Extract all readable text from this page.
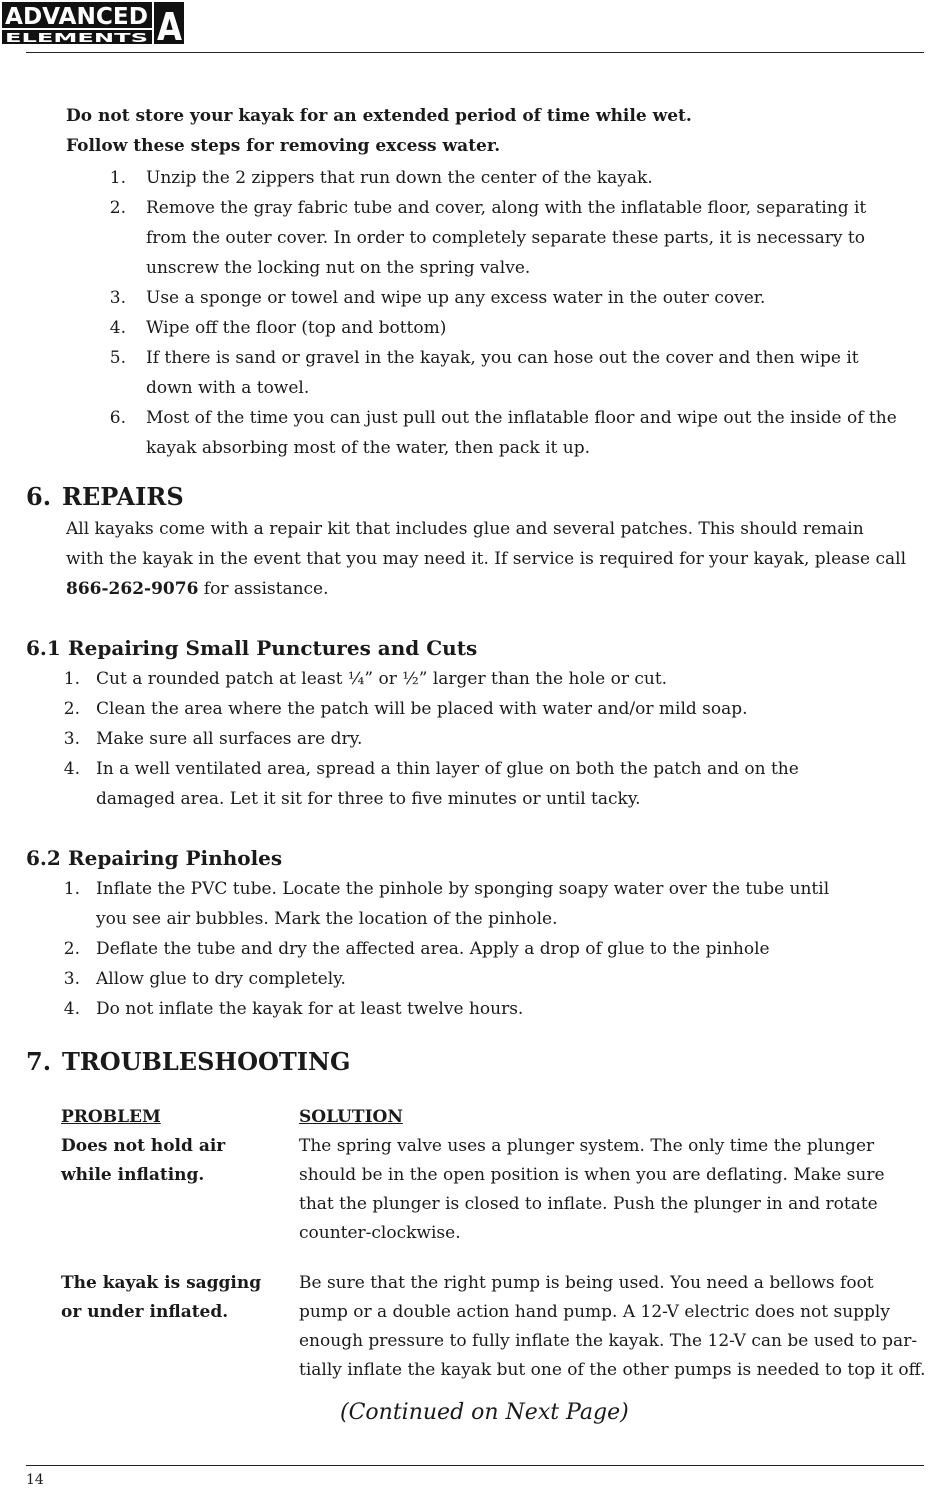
ADVANCED
ELEMENTS A
Do not store your kayak for an extended period of time while wet.
Follow these steps for removing excess water.
1. Unzip the 2 zippers that run down the center of the kayak.
2. Remove the gray fabric tube and cover, along with the inflatable floor, separating it
from the outer cover. In order to completely separate these parts, it is necessary to
unscrew the locking nut on the spring valve.
3. Use a sponge or towel and wipe up any excess water in the outer cover.
4. Wipe off the floor (top and bottom)
5. If there is sand or gravel in the kayak, you can hose out the cover and then wipe it
down with a towel.
6. Most of the time you can just pull out the inflatable floor and wipe out the inside of the
kayak absorbing most of the water, then pack it up.
6. REPAIRS
All kayaks come with a repair kit that includes glue and several patches. This should remain
with the kayak in the event that you may need it. If service is required for your kayak, please call
866-262-9076 for assistance.
6.1 Repairing Small Punctures and Cuts
1. Cut a rounded patch at least ¼” or ½” larger than the hole or cut.
2. Clean the area where the patch will be placed with water and/or mild soap.
3. Make sure all surfaces are dry.
4. In a well ventilated area, spread a thin layer of glue on both the patch and on the
damaged area. Let it sit for three to five minutes or until tacky.
6.2 Repairing Pinholes
1. Inflate the PVC tube. Locate the pinhole by sponging soapy water over the tube until
you see air bubbles. Mark the location of the pinhole.
2. Deflate the tube and dry the affected area. Apply a drop of glue to the pinhole
3. Allow glue to dry completely.
4. Do not inflate the kayak for at least twelve hours.
7. TROUBLESHOOTING
PROBLEM	SOLUTION
Does not hold air
while inflating.
The spring valve uses a plunger system. The only time the plunger
should be in the open position is when you are deflating. Make sure
that the plunger is closed to inflate. Push the plunger in and rotate
counter-clockwise.
The kayak is sagging
or under inflated.
Be sure that the right pump is being used. You need a bellows foot
pump or a double action hand pump. A 12-V electric does not supply
enough pressure to fully inflate the kayak. The 12-V can be used to par-
tially inflate the kayak but one of the other pumps is needed to top it off.
(Continued on Next Page)
14
